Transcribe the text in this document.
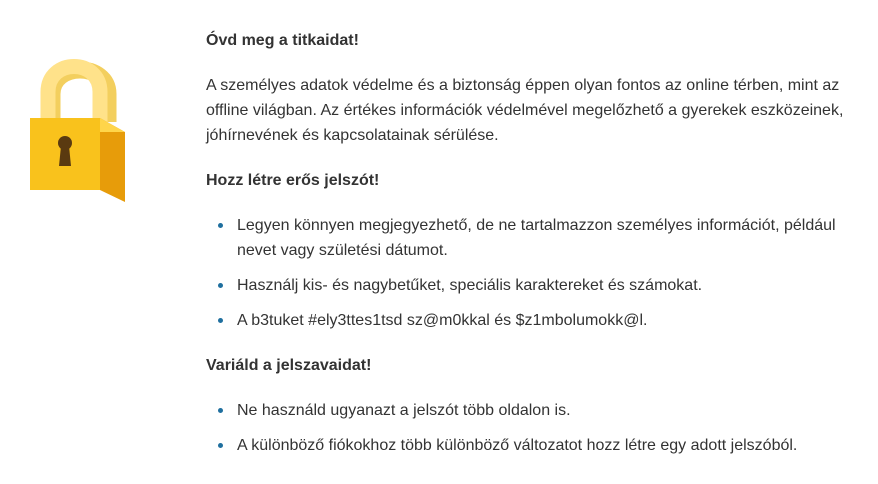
Óvd meg a titkaidat!

A személyes adatok védelme és a biztonság éppen olyan fontos az online térben, mint az offline világban. Az értékes információk védelmével megelőzhető a gyerekek eszközeinek, jóhírnevének és kapcsolatainak sérülése.

Hozz létre erős jelszót!

Legyen könnyen megjegyezhető, de ne tartalmazzon személyes információt, például nevet vagy születési dátumot.
Használj kis- és nagybetűket, speciális karaktereket és számokat.
A b3tuket #ely3ttes1tsd sz@m0kkal és $z1mbolumokk@l.

Variáld a jelszavaidat!

Ne használd ugyanazt a jelszót több oldalon is.
A különböző fiókokhoz több különböző változatot hozz létre egy adott jelszóból.
